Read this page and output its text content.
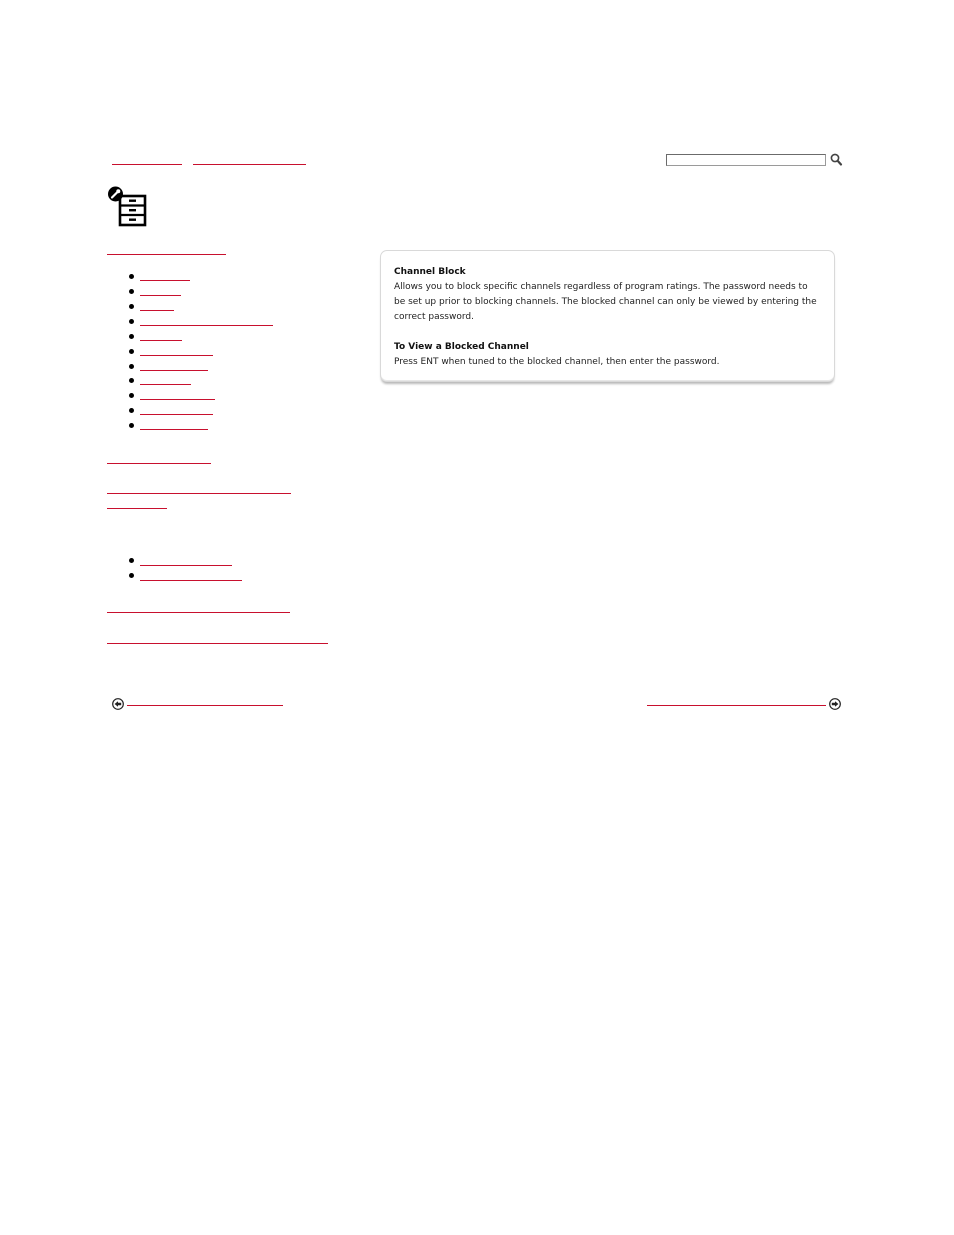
Channel Block

Allows you to block specific channels regardless of program ratings. The password needs to

be set up prior to blocking channels. The blocked channel can only be viewed by entering the

correct password.

To View a Blocked Channel

Press ENT when tuned to the blocked channel, then enter the password.
